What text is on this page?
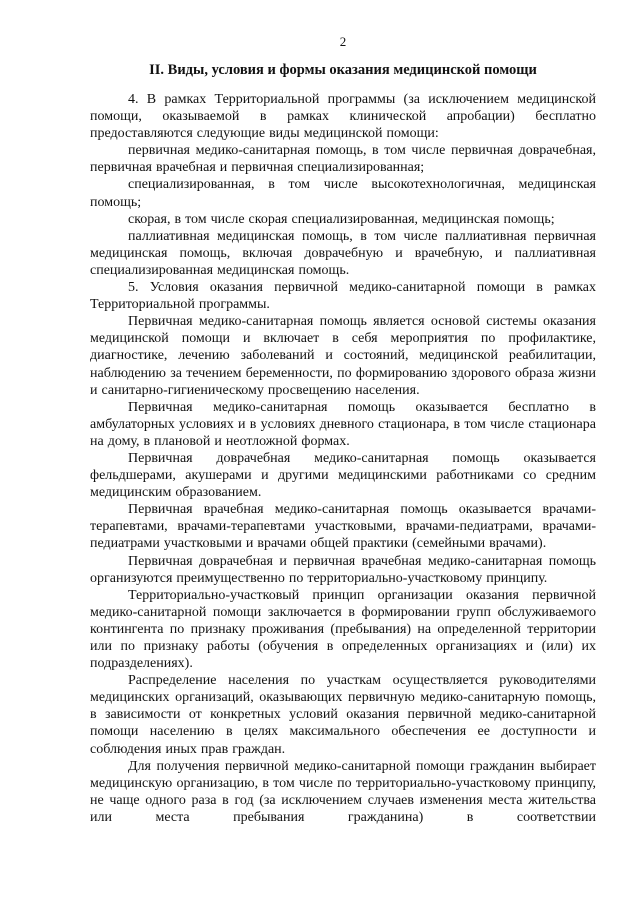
2
II. Виды, условия и формы оказания медицинской помощи

4. В рамках Территориальной программы (за исключением медицинской помощи, оказываемой в рамках клинической апробации) бесплатно предоставляются следующие виды медицинской помощи:

первичная медико-санитарная помощь, в том числе первичная доврачебная, первичная врачебная и первичная специализированная;

специализированная, в том числе высокотехнологичная, медицинская помощь;

скорая, в том числе скорая специализированная, медицинская помощь;

паллиативная медицинская помощь, в том числе паллиативная первичная медицинская помощь, включая доврачебную и врачебную, и паллиативная специализированная медицинская помощь.

5. Условия оказания первичной медико-санитарной помощи в рамках Территориальной программы.

Первичная медико-санитарная помощь является основой системы оказания медицинской помощи и включает в себя мероприятия по профилактике, диагностике, лечению заболеваний и состояний, медицинской реабилитации, наблюдению за течением беременности, по формированию здорового образа жизни и санитарно-гигиеническому просвещению населения.

Первичная медико-санитарная помощь оказывается бесплатно в амбулаторных условиях и в условиях дневного стационара, в том числе стационара на дому, в плановой и неотложной формах.

Первичная доврачебная медико-санитарная помощь оказывается фельдшерами, акушерами и другими медицинскими работниками со средним медицинским образованием.

Первичная врачебная медико-санитарная помощь оказывается врачами-терапевтами, врачами-терапевтами участковыми, врачами-педиатрами, врачами-педиатрами участковыми и врачами общей практики (семейными врачами).

Первичная доврачебная и первичная врачебная медико-санитарная помощь организуются преимущественно по территориально-участковому принципу.

Территориально-участковый принцип организации оказания первичной медико-санитарной помощи заключается в формировании групп обслуживаемого контингента по признаку проживания (пребывания) на определенной территории или по признаку работы (обучения в определенных организациях и (или) их подразделениях).

Распределение населения по участкам осуществляется руководителями медицинских организаций, оказывающих первичную медико-санитарную помощь, в зависимости от конкретных условий оказания первичной медико-санитарной помощи населению в целях максимального обеспечения ее доступности и соблюдения иных прав граждан.

Для получения первичной медико-санитарной помощи гражданин выбирает медицинскую организацию, в том числе по территориально-участковому принципу, не чаще одного раза в год (за исключением случаев изменения места жительства или места пребывания гражданина) в соответствии
